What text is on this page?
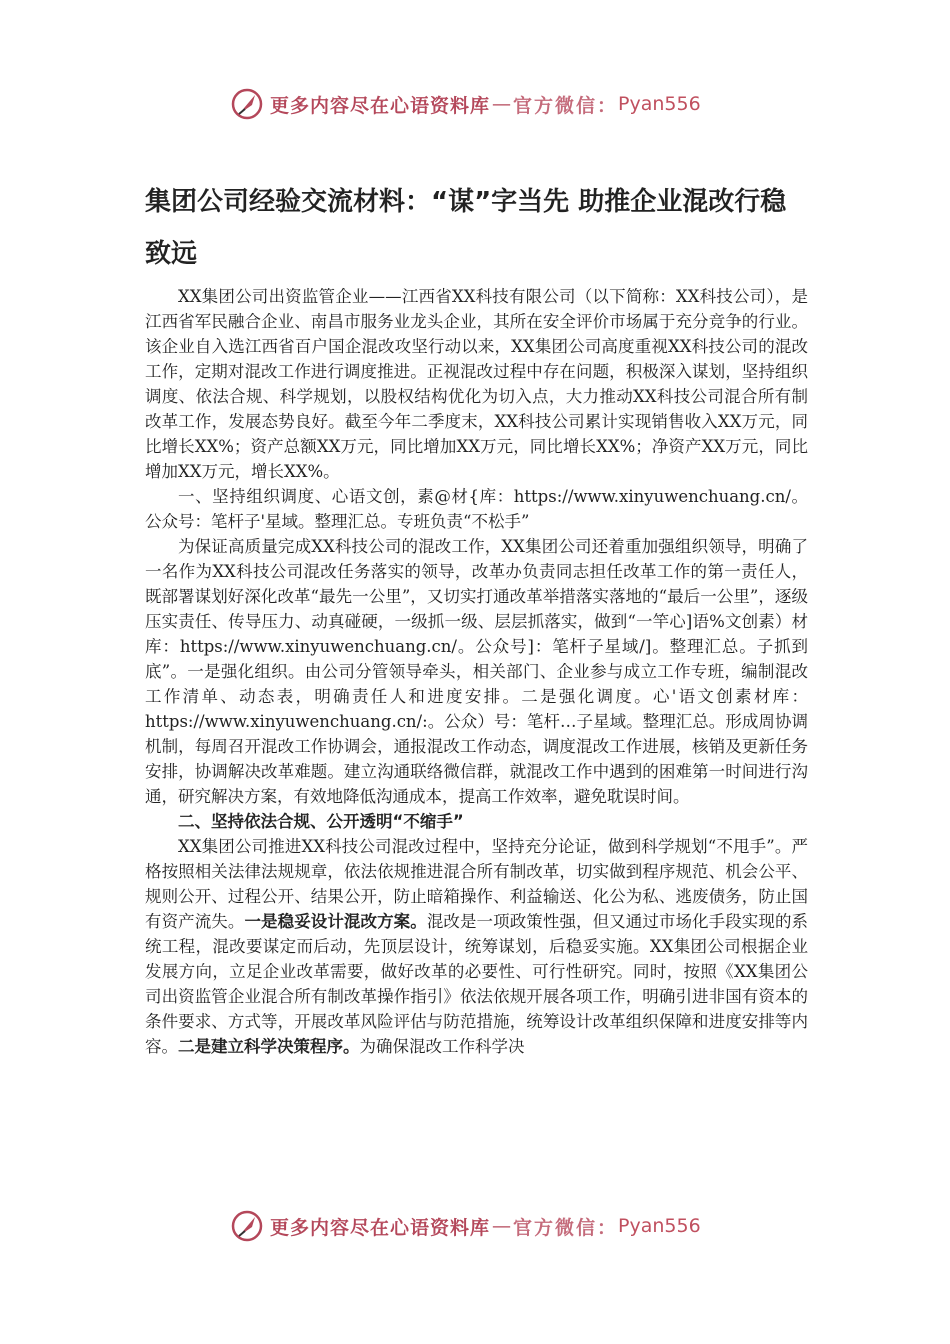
更多内容尽在心语资料库 — 官方微信： Pyan556
集团公司经验交流材料：“谋”字当先 助推企业混改行稳致远

XX集团公司出资监管企业——江西省XX科技有限公司（以下简称：XX科技公司），是江西省军民融合企业、南昌市服务业龙头企业，其所在安全评价市场属于充分竞争的行业。该企业自入选江西省百户国企混改攻坚行动以来，XX集团公司高度重视XX科技公司的混改工作，定期对混改工作进行调度推进。正视混改过程中存在问题，积极深入谋划，坚持组织调度、依法合规、科学规划，以股权结构优化为切入点，大力推动XX科技公司混合所有制改革工作，发展态势良好。截至今年二季度末，XX科技公司累计实现销售收入XX万元，同比增长XX%；资产总额XX万元，同比增加XX万元，同比增长XX%；净资产XX万元，同比增加XX万元，增长XX%。

一、坚持组织调度、心语文创，素@材{库：https://www.xinyuwenchuang.cn/。公众号：笔杆子'星域。整理汇总。专班负责“不松手”

为保证高质量完成XX科技公司的混改工作，XX集团公司还着重加强组织领导，明确了一名作为XX科技公司混改任务落实的领导，改革办负责同志担任改革工作的第一责任人，既部署谋划好深化改革“最先一公里”，又切实打通改革举措落实落地的“最后一公里”，逐级压实责任、传导压力、动真碰硬，一级抓一级、层层抓落实，做到“一竿心]语%文创素）材库：https://www.xinyuwenchuang.cn/。公众号]：笔杆子星域/]。整理汇总。子抓到底”。一是强化组织。由公司分管领导牵头，相关部门、企业参与成立工作专班，编制混改工作清单、动态表，明确责任人和进度安排。二是强化调度。心'语文创素材库：https://www.xinyuwenchuang.cn/:。公众）号：笔杆…子星域。整理汇总。形成周协调机制，每周召开混改工作协调会，通报混改工作动态，调度混改工作进展，核销及更新任务安排，协调解决改革难题。建立沟通联络微信群，就混改工作中遇到的困难第一时间进行沟通，研究解决方案，有效地降低沟通成本，提高工作效率，避免耽误时间。

二、坚持依法合规、公开透明“不缩手”

XX集团公司推进XX科技公司混改过程中，坚持充分论证，做到科学规划“不甩手”。严格按照相关法律法规规章，依法依规推进混合所有制改革，切实做到程序规范、机会公平、规则公开、过程公开、结果公开，防止暗箱操作、利益输送、化公为私、逃废债务，防止国有资产流失。一是稳妥设计混改方案。混改是一项政策性强，但又通过市场化手段实现的系统工程，混改要谋定而后动，先顶层设计，统筹谋划，后稳妥实施。XX集团公司根据企业发展方向，立足企业改革需要，做好改革的必要性、可行性研究。同时，按照《XX集团公司出资监管企业混合所有制改革操作指引》依法依规开展各项工作，明确引进非国有资本的条件要求、方式等，开展改革风险评估与防范措施，统筹设计改革组织保障和进度安排等内容。二是建立科学决策程序。为确保混改工作科学决

更多内容尽在心语资料库 — 官方微信： Pyan556
